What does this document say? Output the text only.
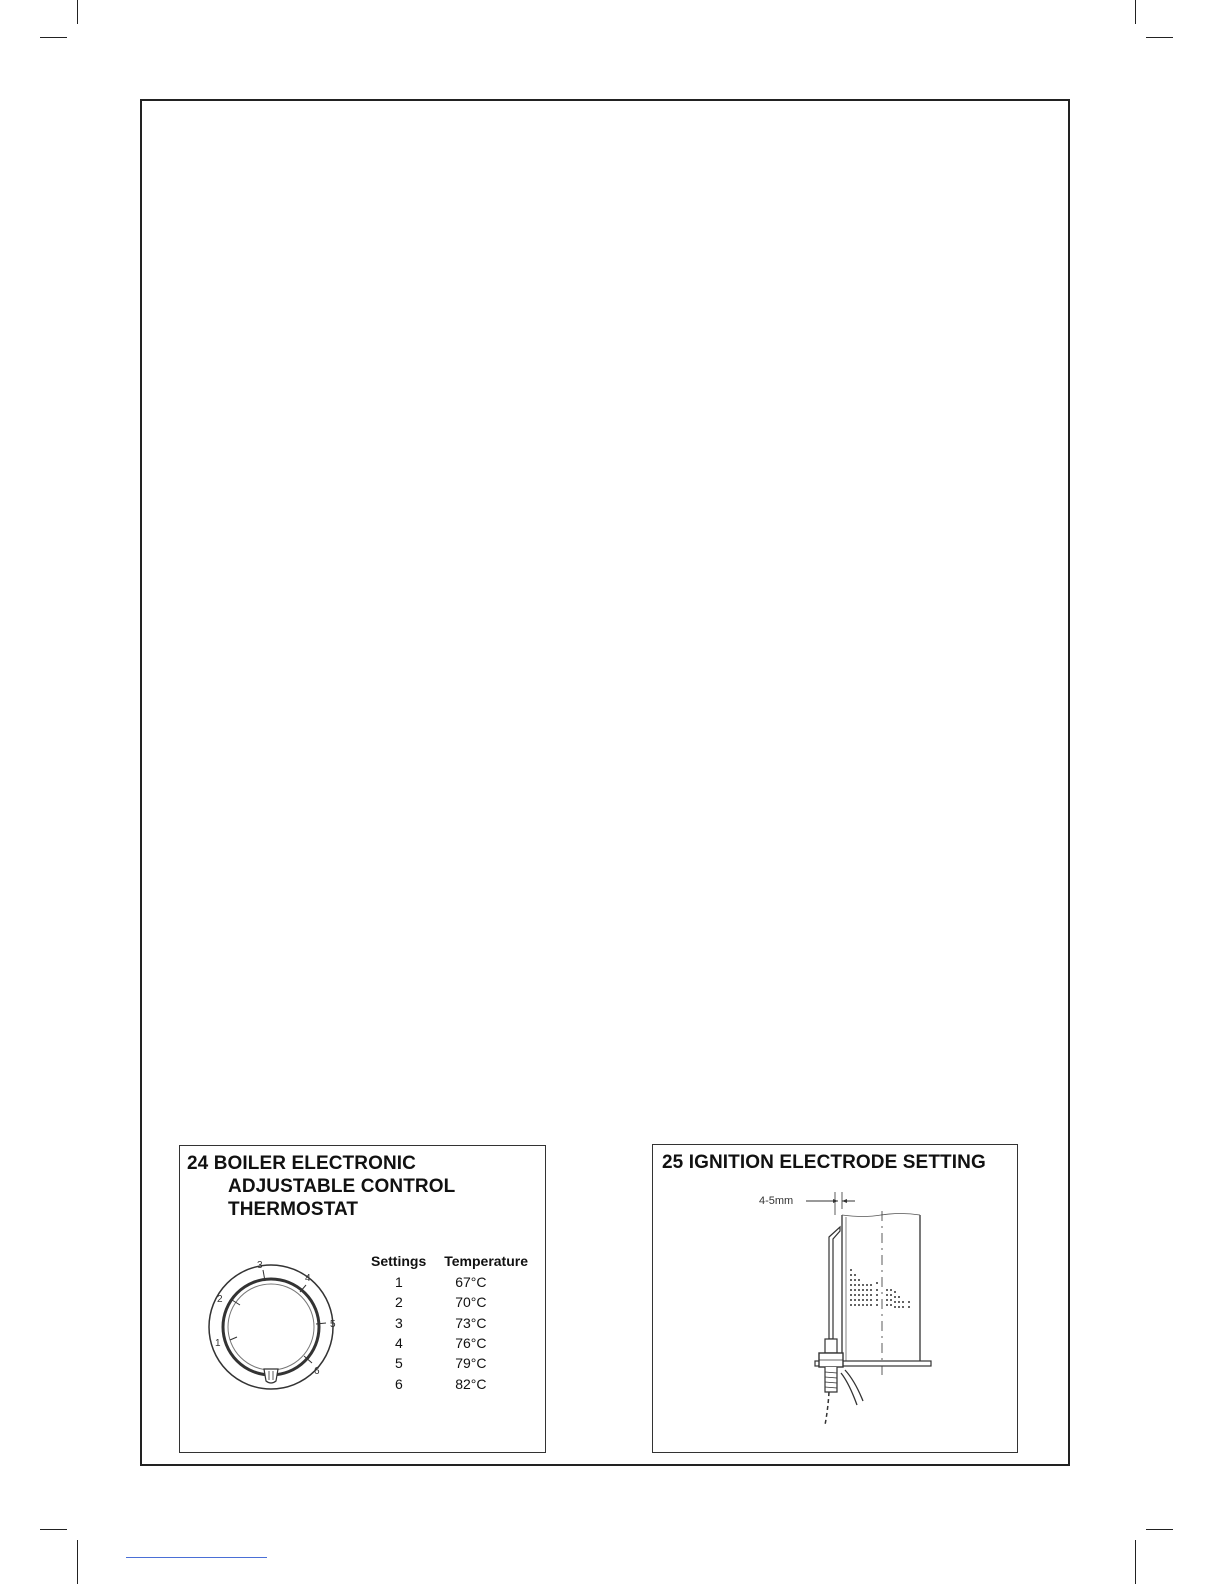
24 BOILER ELECTRONIC
ADJUSTABLE CONTROL
THERMOSTAT
1
2
3
4
5
6
Settings	Temperature
1	67°C
2	70°C
3	73°C
4	76°C
5	79°C
6	82°C
25 IGNITION ELECTRODE SETTING
4-5mm
